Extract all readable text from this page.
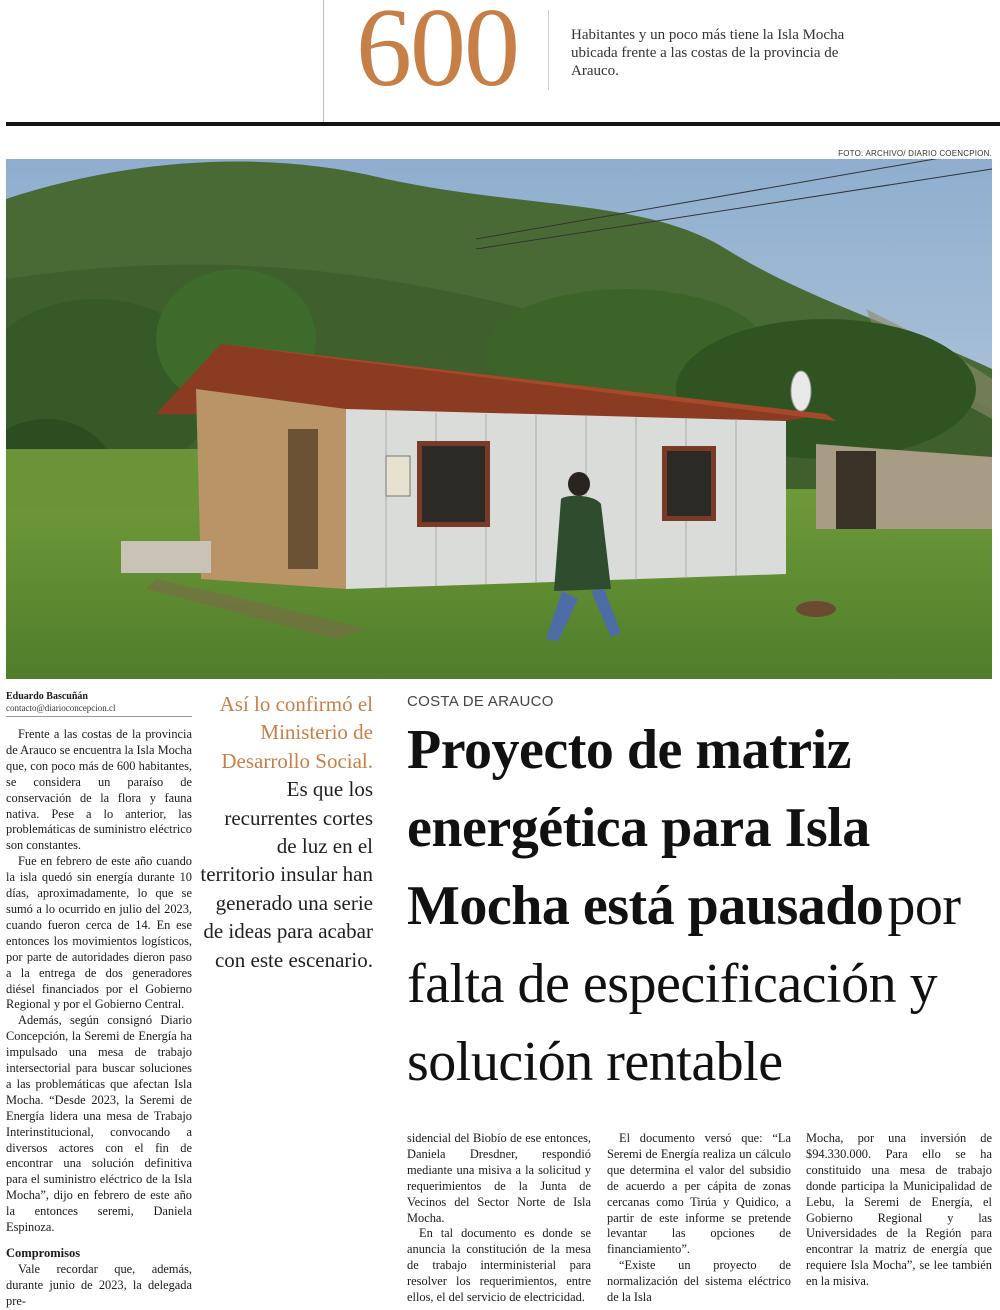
600	Habitantes y un poco más tiene la Isla Mocha ubicada frente a las costas de la provincia de Arauco.
FOTO: ARCHIVO/ DIARIO COENCPION.
Eduardo Bascuñán
contacto@diarioconcepcion.cl

Frente a las costas de la provincia de Arauco se encuentra la Isla Mocha que, con poco más de 600 habitantes, se considera un paraíso de conservación de la flora y fauna nativa. Pese a lo anterior, las problemáticas de suministro eléctrico son constantes.

Fue en febrero de este año cuando la isla quedó sin energía durante 10 días, aproximadamente, lo que se sumó a lo ocurrido en julio del 2023, cuando fueron cerca de 14. En ese entonces los movimientos logísticos, por parte de autoridades dieron paso a la entrega de dos generadores diésel financiados por el Gobierno Regional y por el Gobierno Central.

Además, según consignó Diario Concepción, la Seremi de Energía ha impulsado una mesa de trabajo intersectorial para buscar soluciones a las problemáticas que afectan Isla Mocha. “Desde 2023, la Seremi de Energía lidera una mesa de Trabajo Interinstitucional, convocando a diversos actores con el fin de encontrar una solución definitiva para el suministro eléctrico de la Isla Mocha”, dijo en febrero de este año la entonces seremi, Daniela Espinoza.

Compromisos

Vale recordar que, además, durante junio de 2023, la delegada pre-

Así lo confirmó el Ministerio de Desarrollo Social. Es que los recurrentes cortes de luz en el territorio insular han generado una serie de ideas para acabar con este escenario.
COSTA DE ARAUCO
Proyecto de matriz energética para Isla Mocha está pausado por falta de especificación y solución rentable

sidencial del Biobío de ese entonces, Daniela Dresdner, respondió mediante una misiva a la solicitud y requerimientos de la Junta de Vecinos del Sector Norte de Isla Mocha.

En tal documento es donde se anuncia la constitución de la mesa de trabajo interministerial para resolver los requerimientos, entre ellos, el del servicio de electricidad.

El documento versó que: “La Seremi de Energía realiza un cálculo que determina el valor del subsidio de acuerdo a per cápita de zonas cercanas como Tirúa y Quidico, a partir de este informe se pretende levantar las opciones de financiamiento”.

“Existe un proyecto de normalización del sistema eléctrico de la Isla

Mocha, por una inversión de $94.330.000. Para ello se ha constituido una mesa de trabajo donde participa la Municipalidad de Lebu, la Seremi de Energía, el Gobierno Regional y las Universidades de la Región para encontrar la matriz de energía que requiere Isla Mocha”, se lee también en la misiva.
